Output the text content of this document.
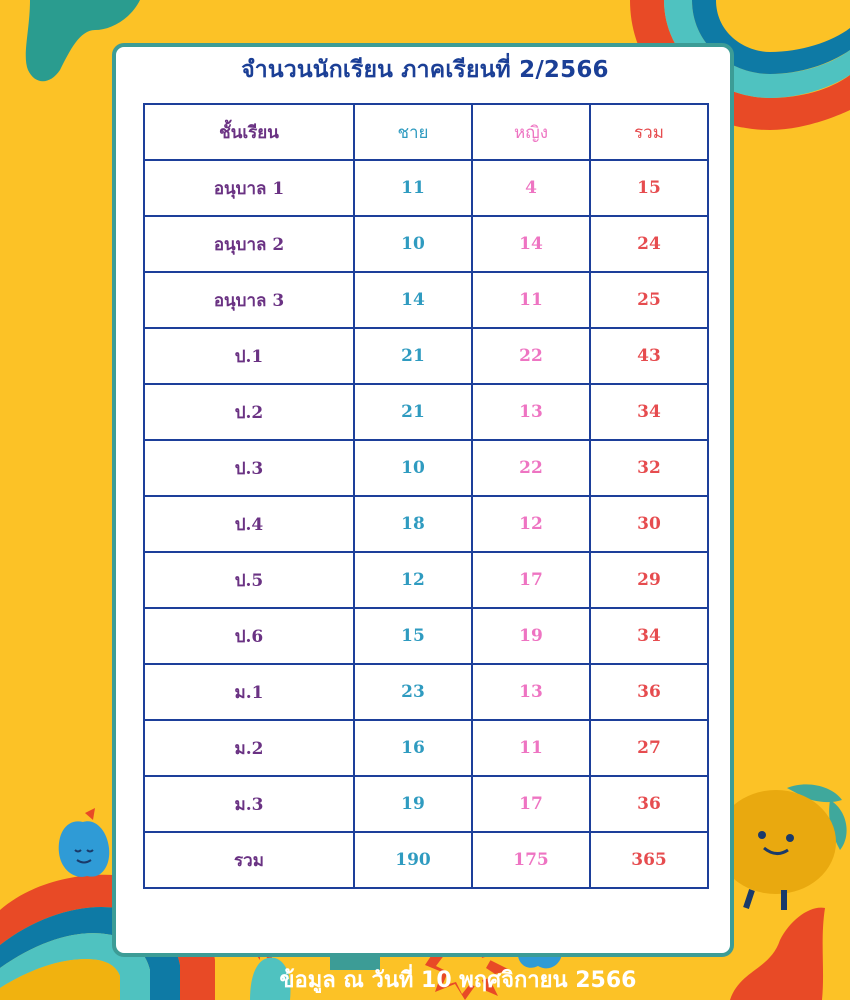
จำนวนนักเรียน ภาคเรียนที่ 2/2566
ชั้นเรียน	ชาย	หญิง	รวม
อนุบาล 1	11	4	15
อนุบาล 2	10	14	24
อนุบาล 3	14	11	25
ป.1	21	22	43
ป.2	21	13	34
ป.3	10	22	32
ป.4	18	12	30
ป.5	12	17	29
ป.6	15	19	34
ม.1	23	13	36
ม.2	16	11	27
ม.3	19	17	36
รวม	190	175	365
ข้อมูล ณ วันที่ 10 พฤศจิกายน 2566
